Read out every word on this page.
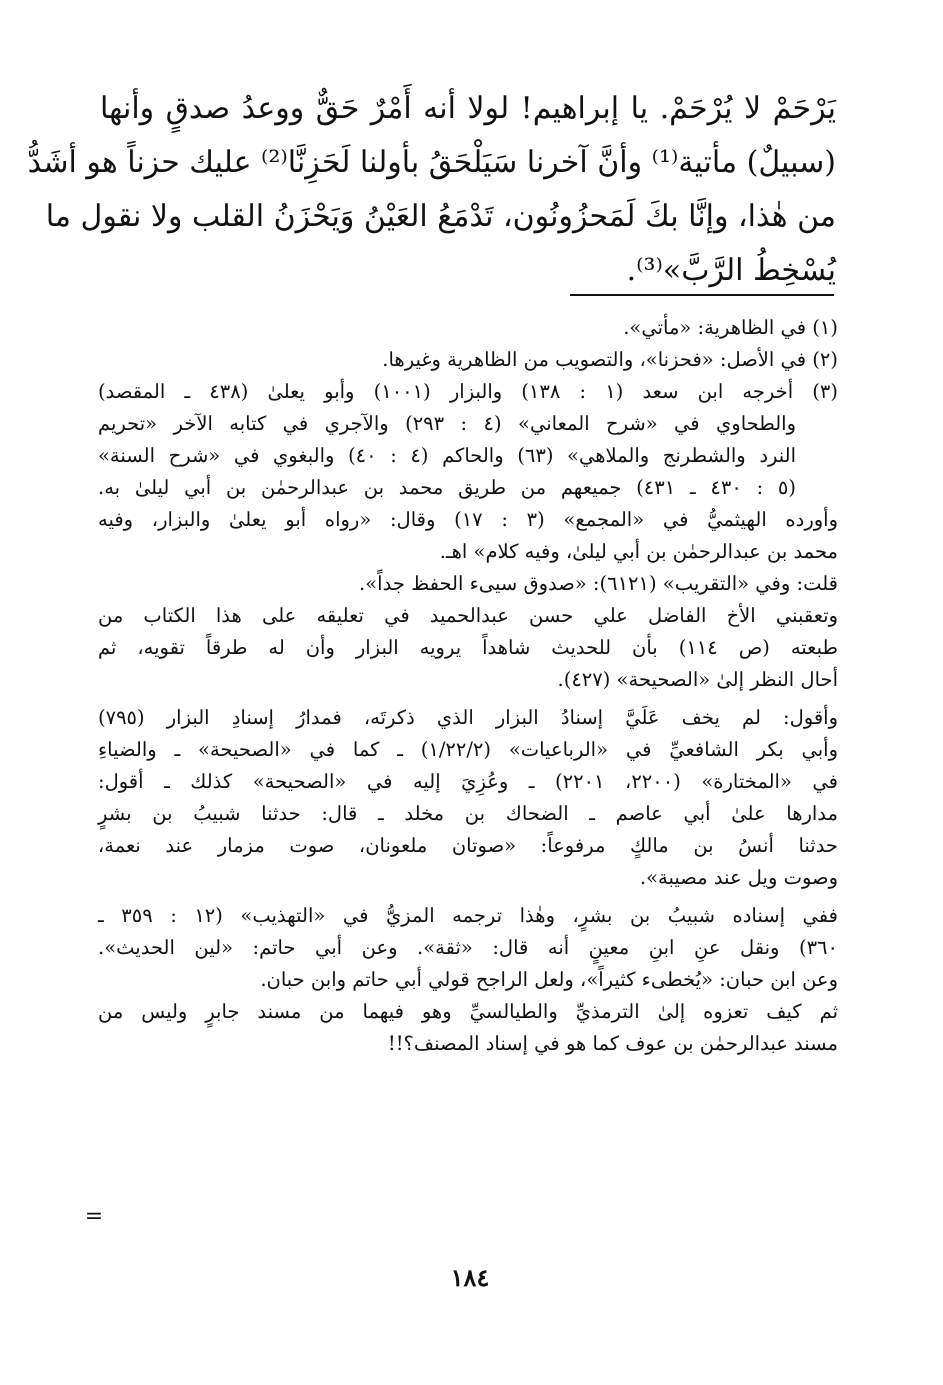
يَرْحَمْ لا يُرْحَمْ. يا إبراهيم! لولا أنه أَمْرٌ حَقٌّ ووعدُ صدقٍ وأنها
(سبيلٌ) مأتية⁽¹⁾ وأنَّ آخرنا سَيَلْحَقُ بأولنا لَحَزِنَّا⁽²⁾ عليك حزناً هو أشَدُّ
من هٰذا، وإنَّا بكَ لَمَحزُونُون، تَدْمَعُ العَيْنُ وَيَحْزَنُ القلب ولا نقول ما
يُسْخِطُ الرَّبَّ»⁽³⁾.
(١) في الظاهرية: «مأتي».
(٢) في الأصل: «فحزنا»، والتصويب من الظاهرية وغيرها.
(٣) أخرجه ابن سعد (١ : ١٣٨) والبزار (١٠٠١) وأبو يعلىٰ (٤٣٨ ـ المقصد)
والطحاوي في «شرح المعاني» (٤ : ٢٩٣) والآجري في كتابه الآخر «تحريم
النرد والشطرنج والملاهي» (٦٣) والحاكم (٤ : ٤٠) والبغوي في «شرح السنة»
(٥ : ٤٣٠ ـ ٤٣١) جميعهم من طريق محمد بن عبدالرحمٰن بن أبي ليلىٰ به.
وأورده الهيثميُّ في «المجمع» (٣ : ١٧) وقال: «رواه أبو يعلىٰ والبزار، وفيه
محمد بن عبدالرحمٰن بن أبي ليلىٰ، وفيه كلام» اهـ.
قلت: وفي «التقريب» (٦١٢١): «صدوق سيىء الحفظ جداً».
وتعقبني الأخ الفاضل علي حسن عبدالحميد في تعليقه على هذا الكتاب من
طبعته (ص ١١٤) بأن للحديث شاهداً يرويه البزار وأن له طرقاً تقويه، ثم
أحال النظر إلىٰ «الصحيحة» (٤٢٧).
وأقول: لم يخف عَلَيَّ إسنادُ البزار الذي ذكرتَه، فمدارُ إسنادِ البزار (٧٩٥)
وأبي بكر الشافعيِّ في «الرباعيات» (١/٢٢/٢) ـ كما في «الصحيحة» ـ والضياءِ
في «المختارة» (٢٢٠٠، ٢٢٠١) ـ وعُزِيَ إليه في «الصحيحة» كذلك ـ أقول:
مدارها علىٰ أبي عاصم ـ الضحاك بن مخلد ـ قال: حدثنا شبيبُ بن بشرٍ
حدثنا أنسُ بن مالكٍ مرفوعاً: «صوتان ملعونان، صوت مزمار عند نعمة،
وصوت ويل عند مصيبة».
ففي إسناده شبيبُ بن بشرٍ، وهٰذا ترجمه المزيُّ في «التهذيب» (١٢ : ٣٥٩ ـ
٣٦٠) ونقل عنِ ابنِ معينٍ أنه قال: «ثقة». وعن أبي حاتم: «لين الحديث».
وعن ابن حبان: «يُخطىء كثيراً»، ولعل الراجح قولي أبي حاتم وابن حبان.
ثم كيف تعزوه إلىٰ الترمذيِّ والطيالسيِّ وهو فيهما من مسند جابرٍ وليس من
مسند عبدالرحمٰن بن عوف كما هو في إسناد المصنف؟!!
=
١٨٤
